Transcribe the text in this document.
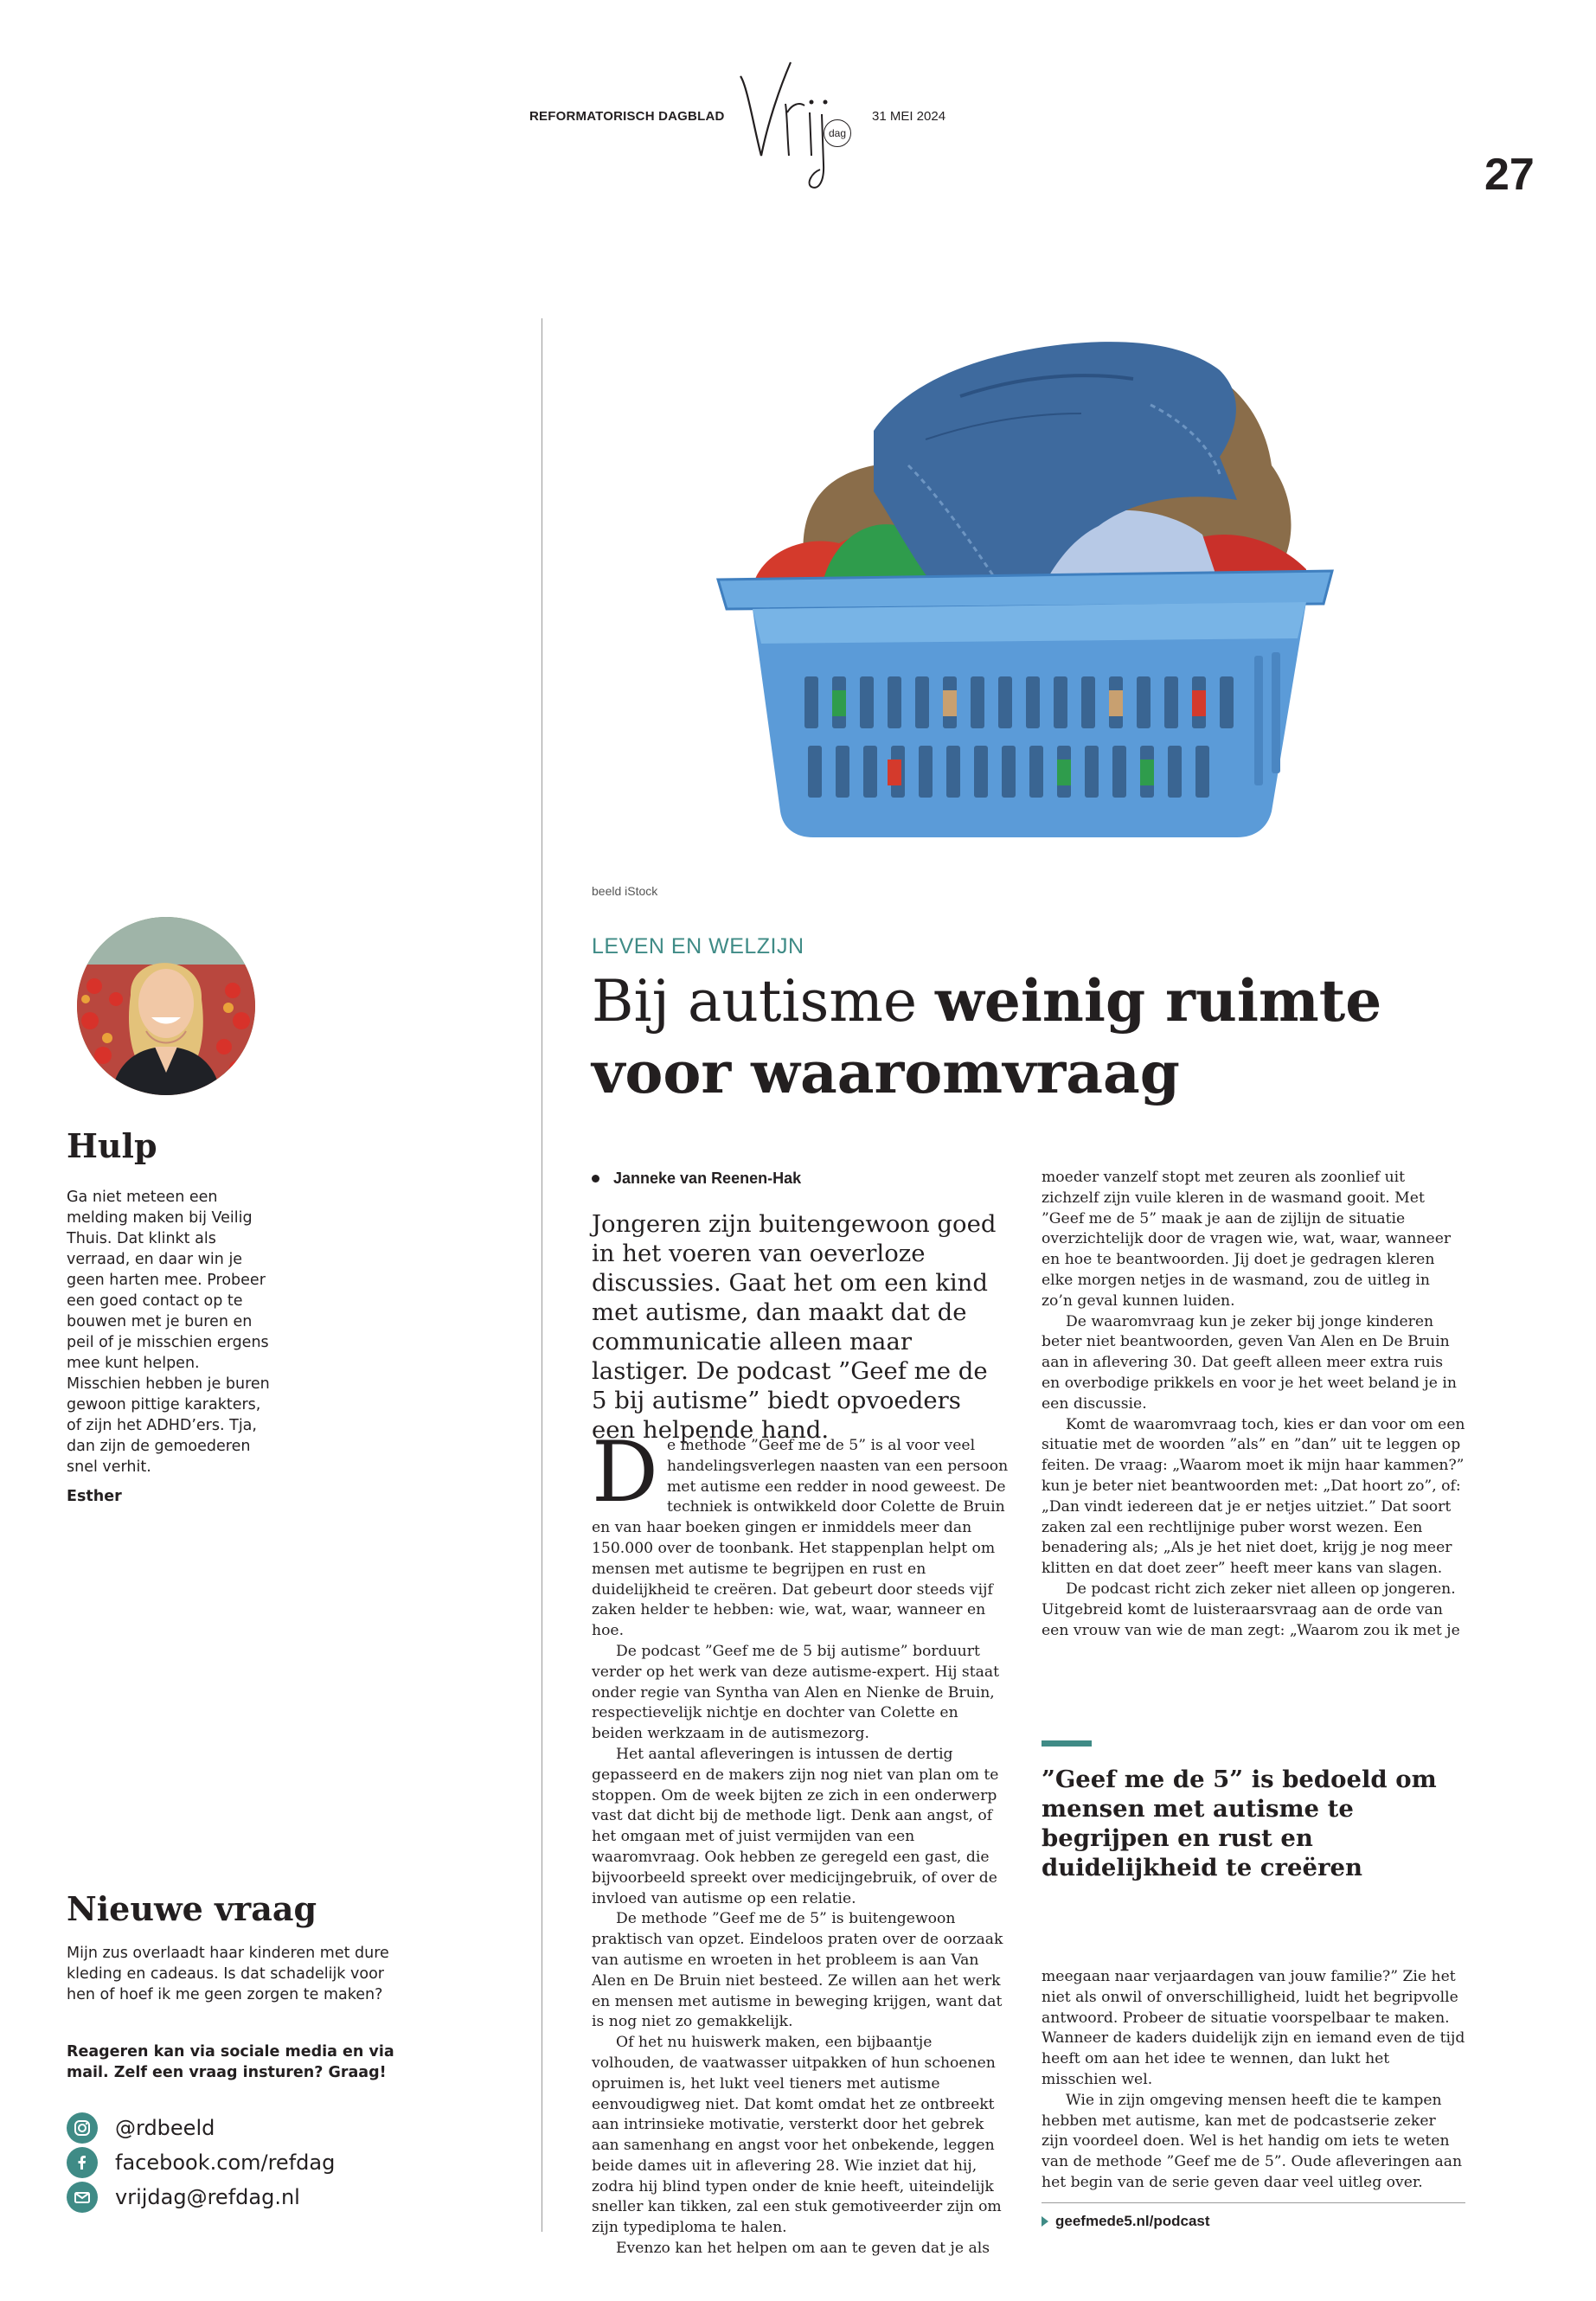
REFORMATORISCH DAGBLAD
dag
31 MEI 2024
27
Hulp

Ga niet meteen een melding maken bij Veilig Thuis. Dat klinkt als verraad, en daar win je geen harten mee. Probeer een goed contact op te bouwen met je buren en peil of je misschien ergens mee kunt helpen. Misschien hebben je buren gewoon pittige karakters, of zijn het ADHD’ers. Tja, dan zijn de gemoederen snel verhit.

Esther
Nieuwe vraag

Mijn zus overlaadt haar kinderen met dure kleding en cadeaus. Is dat schadelijk voor hen of hoef ik me geen zorgen te maken?

Reageren kan via sociale media en via mail. Zelf een vraag insturen? Graag!
@rdbeeld
facebook.com/refdag
vrijdag@refdag.nl
beeld iStock
LEVEN EN WELZIJN
Bij autisme weinig ruimte
voor waaromvraag
Janneke van Reenen-Hak

Jongeren zijn buitengewoon goed in het voeren van oeverloze discussies. Gaat het om een kind met autisme, dan maakt dat de communicatie alleen maar lastiger. De podcast ”Geef me de 5 bij autisme” biedt opvoeders een helpende hand.

De methode ”Geef me de 5” is al voor veel handelingsverlegen naasten van een persoon met autisme een redder in nood geweest. De techniek is ontwikkeld door Colette de Bruin en van haar boeken gingen er inmiddels meer dan 150.000 over de toonbank. Het stappenplan helpt om mensen met autisme te begrijpen en rust en duidelijkheid te creëren. Dat gebeurt door steeds vijf zaken helder te hebben: wie, wat, waar, wanneer en hoe.

De podcast ”Geef me de 5 bij autisme” borduurt verder op het werk van deze autisme-expert. Hij staat onder regie van Syntha van Alen en Nienke de Bruin, respectievelijk nichtje en dochter van Colette en beiden werkzaam in de autismezorg.

Het aantal afleveringen is intussen de dertig gepasseerd en de makers zijn nog niet van plan om te stoppen. Om de week bijten ze zich in een onderwerp vast dat dicht bij de methode ligt. Denk aan angst, of het omgaan met of juist vermijden van een waaromvraag. Ook hebben ze geregeld een gast, die bijvoorbeeld spreekt over medicijngebruik, of over de invloed van autisme op een relatie.

De methode ”Geef me de 5” is buitengewoon praktisch van opzet. Eindeloos praten over de oorzaak van autisme en wroeten in het probleem is aan Van Alen en De Bruin niet besteed. Ze willen aan het werk en mensen met autisme in beweging krijgen, want dat is nog niet zo gemakkelijk.

Of het nu huiswerk maken, een bijbaantje volhouden, de vaatwasser uitpakken of hun schoenen opruimen is, het lukt veel tieners met autisme eenvoudigweg niet. Dat komt omdat het ze ontbreekt aan intrinsieke motivatie, versterkt door het gebrek aan samenhang en angst voor het onbekende, leggen beide dames uit in aflevering 28. Wie inziet dat hij, zodra hij blind typen onder de knie heeft, uiteindelijk sneller kan tikken, zal een stuk gemotiveerder zijn om zijn typediploma te halen.

Evenzo kan het helpen om aan te geven dat je als

moeder vanzelf stopt met zeuren als zoonlief uit zichzelf zijn vuile kleren in de wasmand gooit. Met ”Geef me de 5” maak je aan de zijlijn de situatie overzichtelijk door de vragen wie, wat, waar, wanneer en hoe te beantwoorden. Jij doet je gedragen kleren elke morgen netjes in de wasmand, zou de uitleg in zo’n geval kunnen luiden.

De waaromvraag kun je zeker bij jonge kinderen beter niet beantwoorden, geven Van Alen en De Bruin aan in aflevering 30. Dat geeft alleen meer extra ruis en overbodige prikkels en voor je het weet beland je in een discussie.

Komt de waaromvraag toch, kies er dan voor om een situatie met de woorden ”als” en ”dan” uit te leggen op feiten. De vraag: „Waarom moet ik mijn haar kammen?” kun je beter niet beantwoorden met: „Dat hoort zo”, of: „Dan vindt iedereen dat je er netjes uitziet.” Dat soort zaken zal een rechtlijnige puber worst wezen. Een benadering als; „Als je het niet doet, krijg je nog meer klitten en dat doet zeer” heeft meer kans van slagen.

De podcast richt zich zeker niet alleen op jongeren. Uitgebreid komt de luisteraarsvraag aan de orde van een vrouw van wie de man zegt: „Waarom zou ik met je

”Geef me de 5” is bedoeld om mensen met autisme te begrijpen en rust en duidelijkheid te creëren

meegaan naar verjaardagen van jouw familie?” Zie het niet als onwil of onverschilligheid, luidt het begripvolle antwoord. Probeer de situatie voorspelbaar te maken. Wanneer de kaders duidelijk zijn en iemand even de tijd heeft om aan het idee te wennen, dan lukt het misschien wel.

Wie in zijn omgeving mensen heeft die te kampen hebben met autisme, kan met de podcastserie zeker zijn voordeel doen. Wel is het handig om iets te weten van de methode ”Geef me de 5”. Oude afleveringen aan het begin van de serie geven daar veel uitleg over.

geefmede5.nl/podcast
